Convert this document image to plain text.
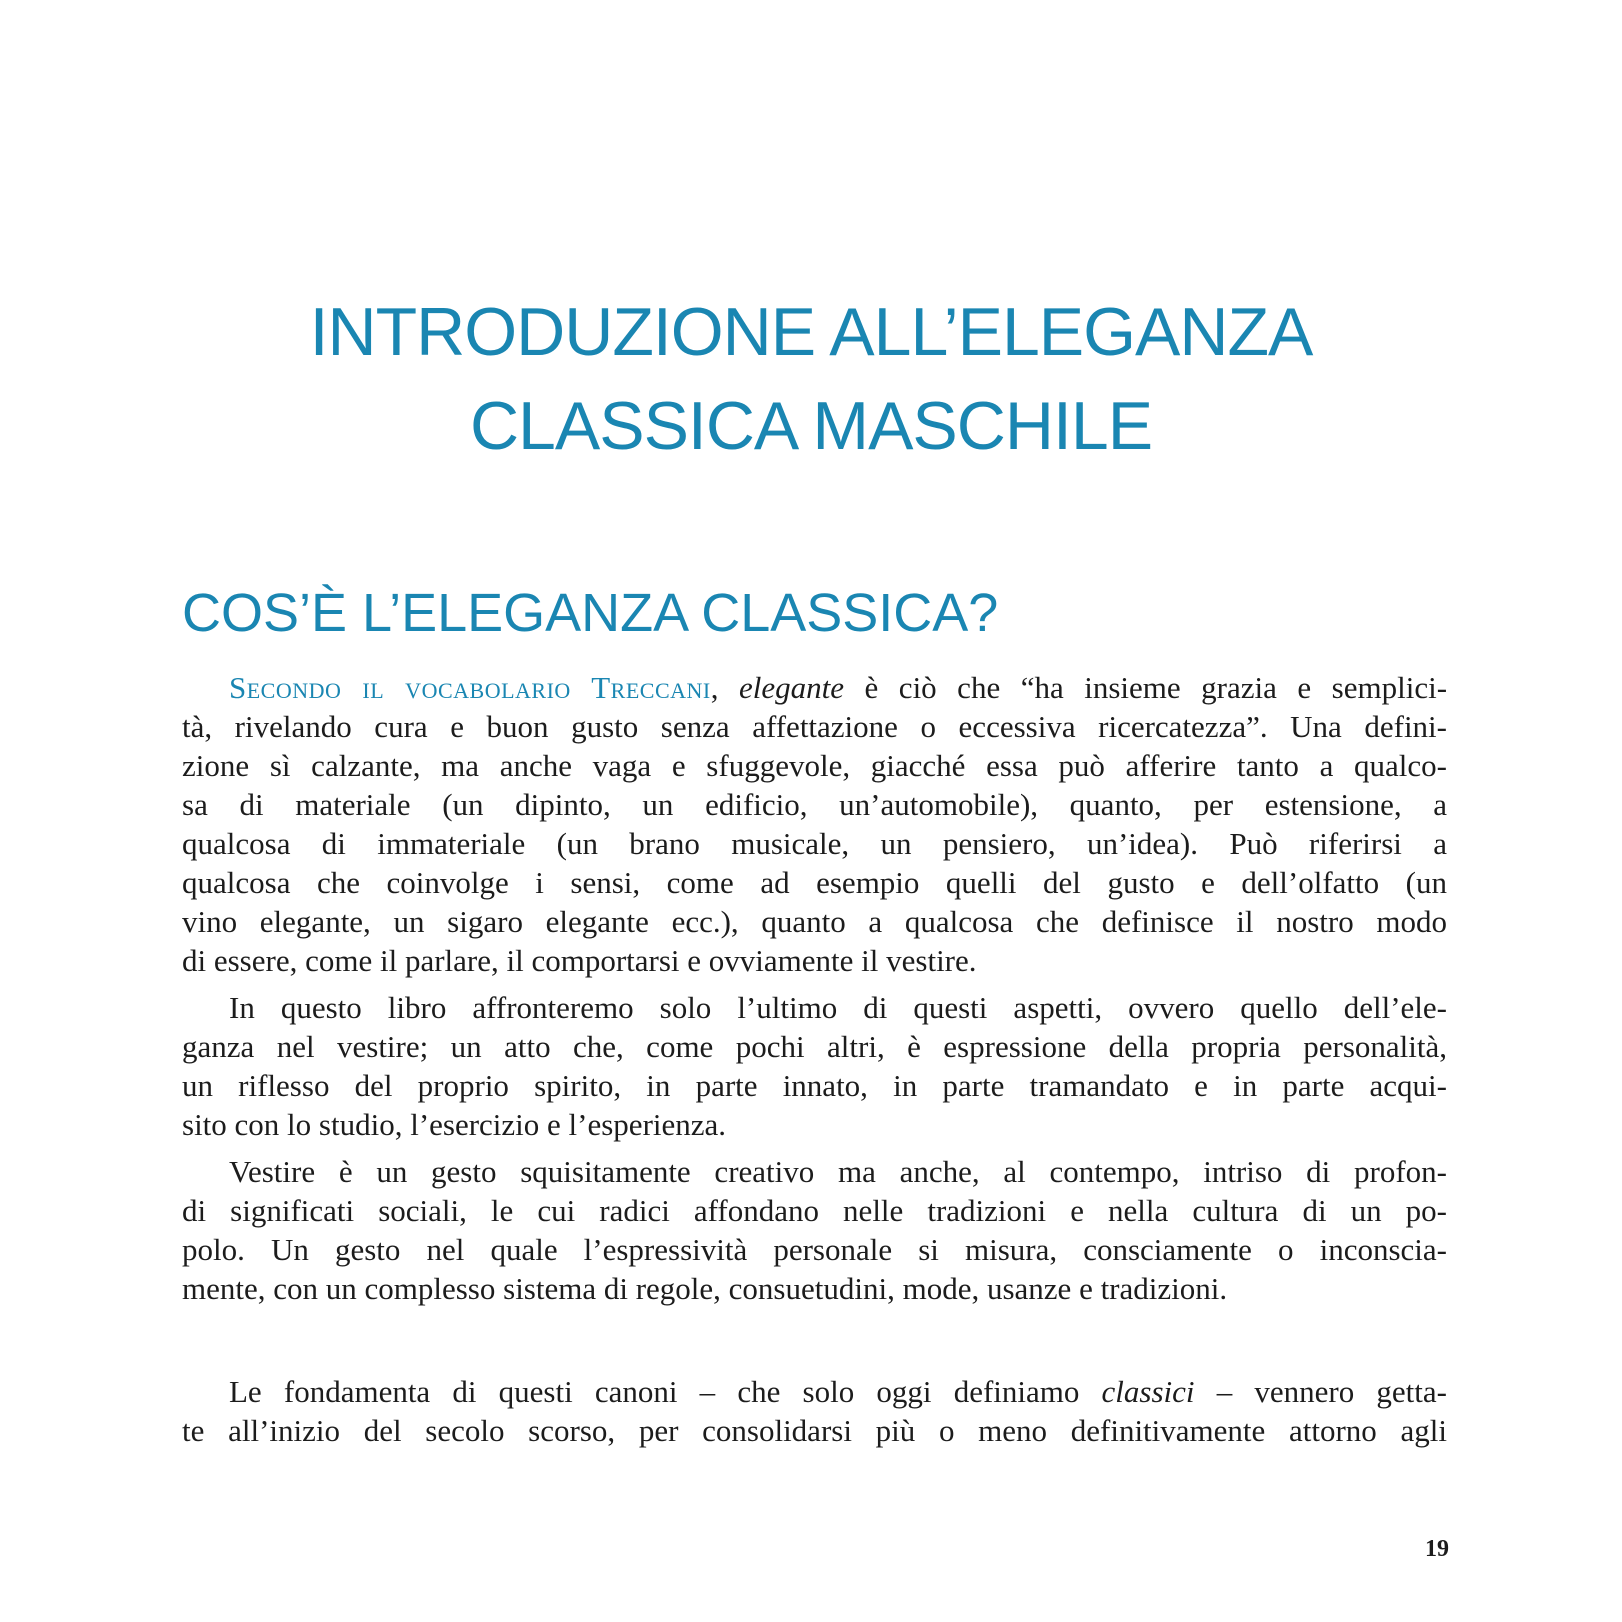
INTRODUZIONE ALL’ELEGANZA
CLASSICA MASCHILE
COS’È L’ELEGANZA CLASSICA?
Secondo il vocabolario Treccani, elegante è ciò che “ha insieme grazia e semplici-
tà, rivelando cura e buon gusto senza affettazione o eccessiva ricercatezza”. Una defini-
zione sì calzante, ma anche vaga e sfuggevole, giacché essa può afferire tanto a qualco-
sa di materiale (un dipinto, un edificio, un’automobile), quanto, per estensione, a
qualcosa di immateriale (un brano musicale, un pensiero, un’idea). Può riferirsi a
qualcosa che coinvolge i sensi, come ad esempio quelli del gusto e dell’olfatto (un
vino elegante, un sigaro elegante ecc.), quanto a qualcosa che definisce il nostro modo
di essere, come il parlare, il comportarsi e ovviamente il vestire.
In questo libro affronteremo solo l’ultimo di questi aspetti, ovvero quello dell’ele-
ganza nel vestire; un atto che, come pochi altri, è espressione della propria personalità,
un riflesso del proprio spirito, in parte innato, in parte tramandato e in parte acqui-
sito con lo studio, l’esercizio e l’esperienza.
Vestire è un gesto squisitamente creativo ma anche, al contempo, intriso di profon-
di significati sociali, le cui radici affondano nelle tradizioni e nella cultura di un po-
polo. Un gesto nel quale l’espressività personale si misura, consciamente o inconscia-
mente, con un complesso sistema di regole, consuetudini, mode, usanze e tradizioni.
Le fondamenta di questi canoni – che solo oggi definiamo classici – vennero getta-
te all’inizio del secolo scorso, per consolidarsi più o meno definitivamente attorno agli
19
